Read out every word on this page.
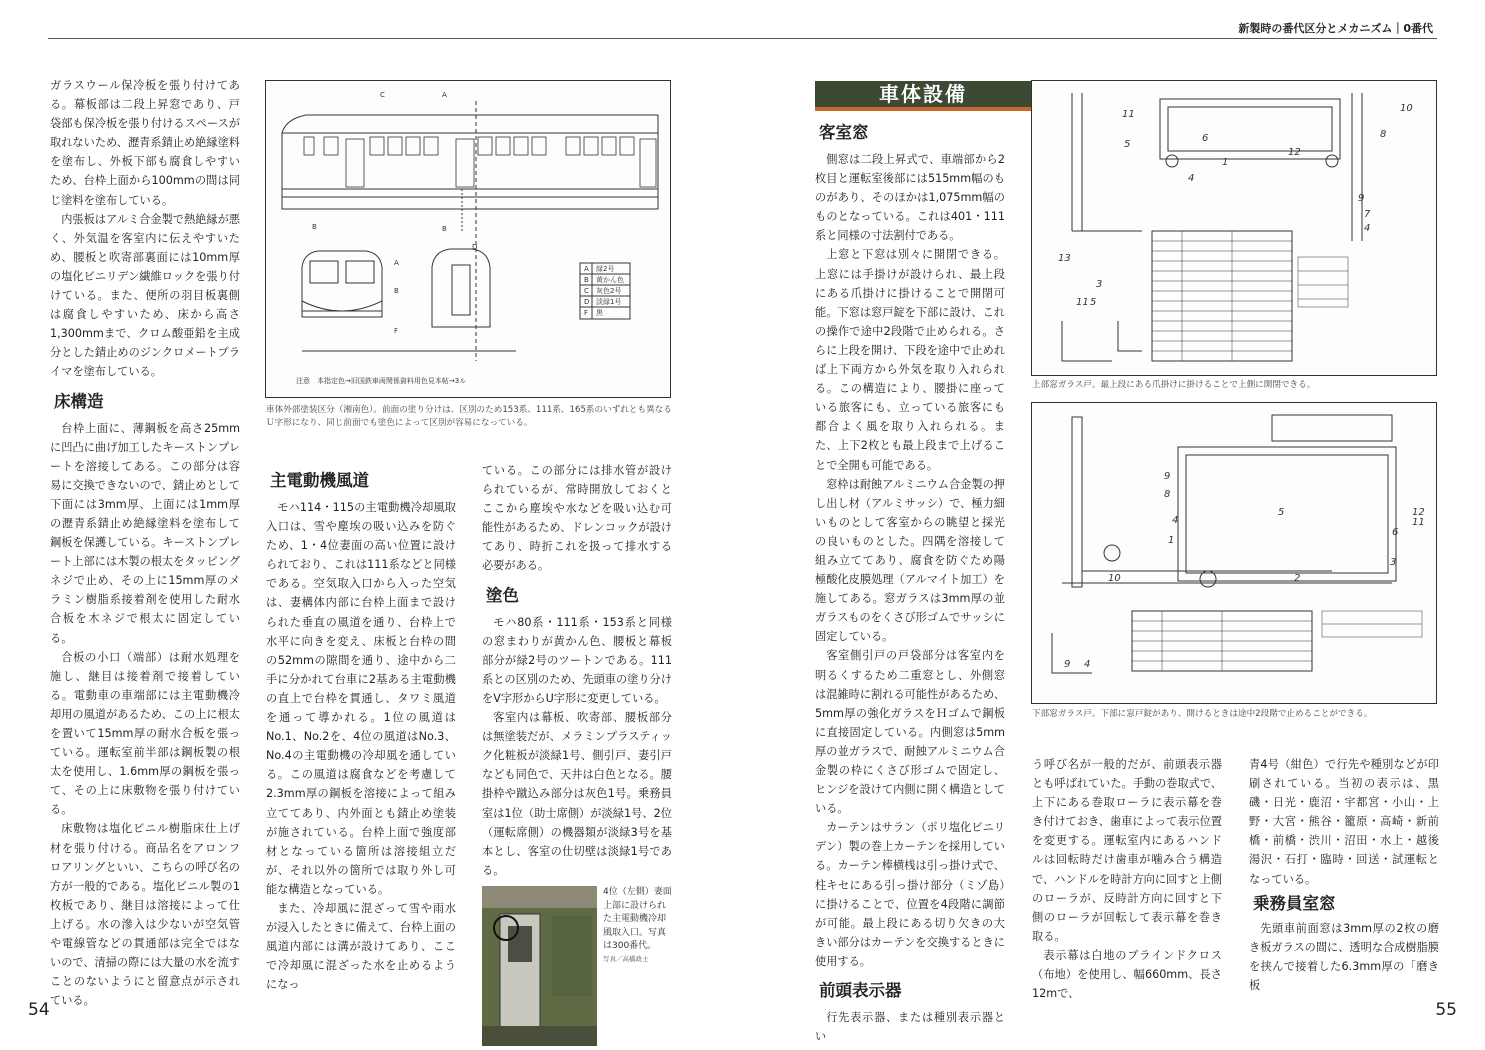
新製時の番代区分とメカニズム｜0番代

ガラスウール保冷板を張り付けてある。幕板部は二段上昇窓であり、戸袋部も保冷板を張り付けるスペースが取れないため、瀝青系錆止め絶縁塗料を塗布し、外板下部も腐食しやすいため、台枠上面から100mmの間は同じ塗料を塗布している。

内張板はアルミ合金製で熱絶縁が悪く、外気温を客室内に伝えやすいため、腰板と吹寄部裏面には10mm厚の塩化ビニリデン繊維ロックを張り付けている。また、便所の羽目板裏側は腐食しやすいため、床から高さ1,300mmまで、クロム酸亜鉛を主成分とした錆止めのジンクロメートプライマを塗布している。

床構造

台枠上面に、薄鋼板を高さ25mmに凹凸に曲げ加工したキーストンプレートを溶接してある。この部分は容易に交換できないので、錆止めとして下面には3mm厚、上面には1mm厚の瀝青系錆止め絶縁塗料を塗布して鋼板を保護している。キーストンプレート上部には木製の根太をタッピングネジで止め、その上に15mm厚のメラミン樹脂系接着剤を使用した耐水合板を木ネジで根太に固定している。

合板の小口（端部）は耐水処理を施し、継目は接着剤で接着している。電動車の車端部には主電動機冷却用の風道があるため、この上に根太を置いて15mm厚の耐水合板を張っている。運転室前半部は鋼板製の根太を使用し、1.6mm厚の鋼板を張って、その上に床敷物を張り付けている。

床敷物は塩化ビニル樹脂床仕上げ材を張り付ける。商品名をアロンフロアリングといい、こちらの呼び名の方が一般的である。塩化ビニル製の1枚板であり、継目は溶接によって仕上げる。水の滲入は少ないが空気管や電線管などの貫通部は完全ではないので、清掃の際には大量の水を流すことのないようにと留意点が示されている。

A 緑2号
B 黄かん色
C 灰色2号
D 淡緑1号
F 黒
C	A
B	B
A
B
F
D
注意　本指定色→旧国鉄車両関係資料用色見本帖→3ル
車体外部塗装区分（湘南色）。前面の塗り分けは、区別のため153系、111系、165系のいずれとも異なるＵ字形になり、同じ前面でも塗色によって区別が容易になっている。
主電動機風道

モハ114・115の主電動機冷却風取入口は、雪や塵埃の吸い込みを防ぐため、1・4位妻面の高い位置に設けられており、これは111系などと同様である。空気取入口から入った空気は、妻構体内部に台枠上面まで設けられた垂直の風道を通り、台枠上で水平に向きを変え、床板と台枠の間の52mmの隙間を通り、途中から二手に分かれて台車に2基ある主電動機の直上で台枠を貫通し、タワミ風道を通って導かれる。1位の風道はNo.1、No.2を、4位の風道はNo.3、No.4の主電動機の冷却風を通している。この風道は腐食などを考慮して2.3mm厚の鋼板を溶接によって組み立ててあり、内外面とも錆止め塗装が施されている。台枠上面で強度部材となっている箇所は溶接組立だが、それ以外の箇所では取り外し可能な構造となっている。

また、冷却風に混ざって雪や雨水が浸入したときに備えて、台枠上面の風道内部には溝が設けてあり、ここで冷却風に混ざった水を止めるようになっ

ている。この部分には排水管が設けられているが、常時開放しておくとここから塵埃や水などを吸い込む可能性があるため、ドレンコックが設けてあり、時折これを扱って排水する必要がある。

塗色

モハ80系・111系・153系と同様の窓まわりが黄かん色、腰板と幕板部分が緑2号のツートンである。111系との区別のため、先頭車の塗り分けをV字形からU字形に変更している。

客室内は幕板、吹寄部、腰板部分は無塗装だが、メラミンプラスティック化粧板が淡緑1号、側引戸、妻引戸なども同色で、天井は白色となる。腰掛枠や蹴込み部分は灰色1号。乗務員室は1位（助士席側）が淡緑1号、2位（運転席側）の機器類が淡緑3号を基本とし、客室の仕切壁は淡緑1号である。

4位（左側）妻面上部に設けられた主電動機冷却風取入口。写真は300番代。
写真／高橋政士
車体設備
客室窓

側窓は二段上昇式で、車端部から2枚目と運転室後部には515mm幅のものがあり、そのほかは1,075mm幅のものとなっている。これは401・111系と同様の寸法割付である。

上窓と下窓は別々に開閉できる。上窓には手掛けが設けられ、最上段にある爪掛けに掛けることで開閉可能。下窓は窓戸錠を下部に設け、これの操作で途中2段階で止められる。さらに上段を開け、下段を途中で止めれば上下両方から外気を取り入れられる。この構造により、腰掛に座っている旅客にも、立っている旅客にも都合よく風を取り入れられる。また、上下2枚とも最上段まで上げることで全開も可能である。

窓枠は耐蝕アルミニウム合金製の押し出し材（アルミサッシ）で、極力細いものとして客室からの眺望と採光の良いものとした。四隅を溶接して組み立ててあり、腐食を防ぐため陽極酸化皮膜処理（アルマイト加工）を施してある。窓ガラスは3mm厚の並ガラスものをくさび形ゴムでサッシに固定している。

客室側引戸の戸袋部分は客室内を明るくするため二重窓とし、外側窓は混雑時に割れる可能性があるため、5mm厚の強化ガラスをＨゴムで鋼板に直接固定している。内側窓は5mm厚の並ガラスで、耐蝕アルミニウム合金製の枠にくさび形ゴムで固定し、ヒンジを設けて内側に開く構造としている。

カーテンはサラン（ポリ塩化ビニリデン）製の巻上カーテンを採用している。カーテン棒横桟は引っ掛け式で、柱キセにある引っ掛け部分（ミゾ島）に掛けることで、位置を4段階に調節が可能。最上段にある切り欠きの大きい部分はカーテンを交換するときに使用する。

前頭表示器

行先表示器、または種別表示器とい

6
1
11
5
12
8
10
9
7
4
13
3
11 5
4
上部窓ガラス戸。最上段にある爪掛けに掛けることで上側に開閉できる。
5
9
8
4
1
10	2
6
12
11
3
9 4
下部窓ガラス戸。下部に窓戸錠があり、開けるときは途中2段階で止めることができる。

う呼び名が一般的だが、前頭表示器とも呼ばれていた。手動の巻取式で、上下にある巻取ローラに表示幕を巻き付けておき、歯車によって表示位置を変更する。運転室内にあるハンドルは回転時だけ歯車が噛み合う構造で、ハンドルを時計方向に回すと上側のローラが、反時計方向に回すと下側のローラが回転して表示幕を巻き取る。

表示幕は白地のブラインドクロス（布地）を使用し、幅660mm、長さ12mで、

青4号（紺色）で行先や種別などが印刷されている。当初の表示は、黒磯・日光・鹿沼・宇都宮・小山・上野・大宮・熊谷・籠原・高崎・新前橋・前橋・渋川・沼田・水上・越後湯沢・石打・臨時・回送・試運転となっている。

乗務員室窓

先頭車前面窓は3mm厚の2枚の磨き板ガラスの間に、透明な合成樹脂膜を挟んで接着した6.3mm厚の「磨き板

54	55
